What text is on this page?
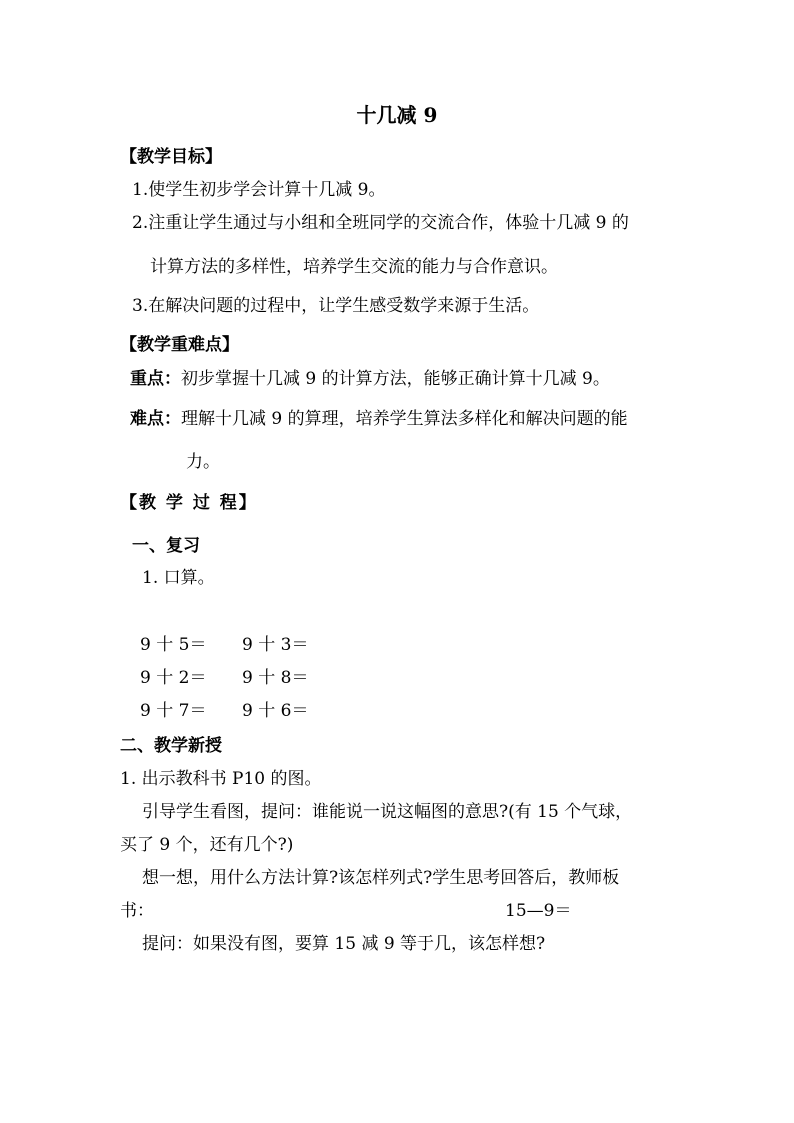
十几减 9
【教学目标】
1.使学生初步学会计算十几减 9。
2.注重让学生通过与小组和全班同学的交流合作，体验十几减 9 的
计算方法的多样性，培养学生交流的能力与合作意识。
3.在解决问题的过程中，让学生感受数学来源于生活。
【教学重难点】
重点：初步掌握十几减 9 的计算方法，能够正确计算十几减 9。
难点：理解十几减 9 的算理，培养学生算法多样化和解决问题的能
力。
【教 学 过 程】
一、复习
1. 口算。
9 十 5＝ 9 十 3＝
9 十 2＝ 9 十 8＝
9 十 7＝ 9 十 6＝
二、教学新授
1. 出示教科书 P10 的图。
引导学生看图，提问：谁能说一说这幅图的意思?(有 15 个气球，
买了 9 个，还有几个?)
想一想，用什么方法计算?该怎样列式?学生思考回答后，教师板
书：	15—9＝
提问：如果没有图，要算 15 减 9 等于几，该怎样想?
